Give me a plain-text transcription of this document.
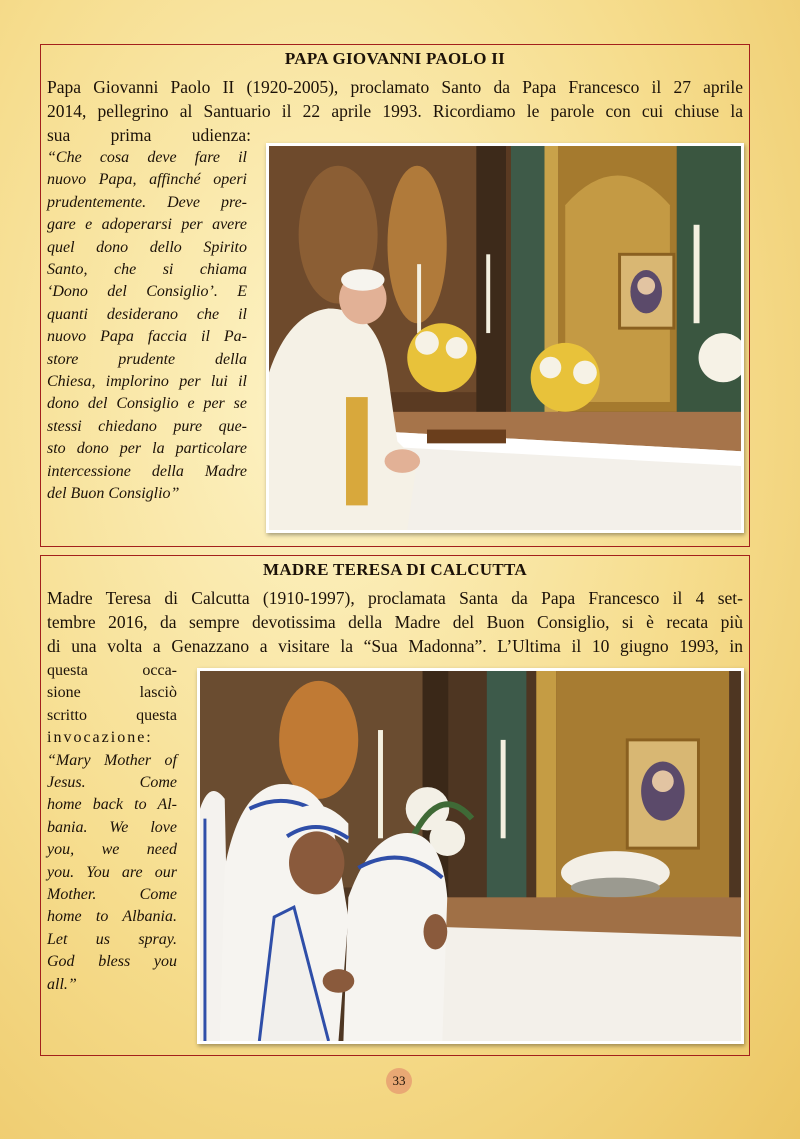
PAPA GIOVANNI PAOLO II
Papa Giovanni Paolo II (1920-2005), proclamato Santo da Papa Francesco il 27 aprile
2014, pellegrino al Santuario il 22 aprile 1993. Ricordiamo le parole con cui chiuse la
sua prima udienza:
“Che cosa deve fare il
nuovo Papa, affinché operi
prudentemente. Deve pre-
gare e adoperarsi per avere
quel dono dello Spirito
Santo, che si chiama
‘Dono del Consiglio’. E
quanti desiderano che il
nuovo Papa faccia il Pa-
store prudente della
Chiesa, implorino per lui il
dono del Consiglio e per se
stessi chiedano pure que-
sto dono per la particolare
intercessione della Madre
del Buon Consiglio”
MADRE TERESA DI CALCUTTA
Madre Teresa di Calcutta (1910-1997), proclamata Santa da Papa Francesco il 4 set-
tembre 2016, da sempre devotissima della Madre del Buon Consiglio, si è recata più
di una volta a Genazzano a visitare la “Sua Madonna”. L’Ultima il 10 giugno 1993, in
questa occa-
sione lasciò
scritto questa
invocazione:
“Mary Mother of
Jesus. Come
home back to Al-
bania. We love
you, we need
you. You are our
Mother. Come
home to Albania.
Let us spray.
God bless you
all.”
33
